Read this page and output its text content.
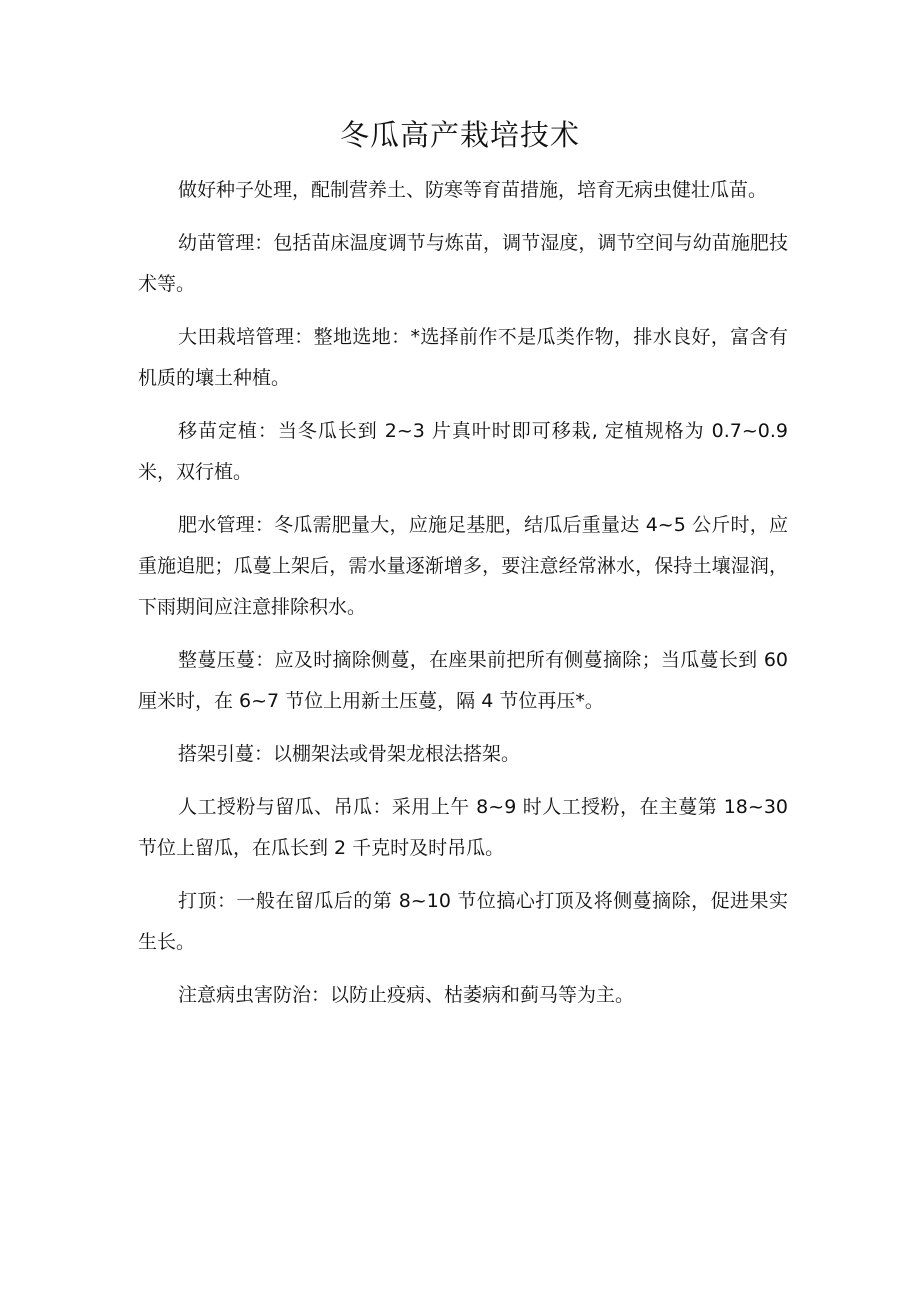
冬瓜高产栽培技术

做好种子处理，配制营养土、防寒等育苗措施，培育无病虫健壮瓜苗。

幼苗管理：包括苗床温度调节与炼苗，调节湿度，调节空间与幼苗施肥技术等。

大田栽培管理：整地选地：*选择前作不是瓜类作物，排水良好，富含有机质的壤土种植。

移苗定植：当冬瓜长到 2~3 片真叶时即可移栽, 定植规格为 0.7~0.9 米，双行植。

肥水管理：冬瓜需肥量大，应施足基肥，结瓜后重量达 4~5 公斤时，应重施追肥；瓜蔓上架后，需水量逐渐增多，要注意经常淋水，保持土壤湿润，下雨期间应注意排除积水。

整蔓压蔓：应及时摘除侧蔓，在座果前把所有侧蔓摘除；当瓜蔓长到 60 厘米时，在 6~7 节位上用新土压蔓，隔 4 节位再压*。

搭架引蔓：以棚架法或骨架龙根法搭架。

人工授粉与留瓜、吊瓜：采用上午 8~9 时人工授粉，在主蔓第 18~30 节位上留瓜，在瓜长到 2 千克时及时吊瓜。

打顶：一般在留瓜后的第 8~10 节位搞心打顶及将侧蔓摘除，促进果实生长。

注意病虫害防治：以防止疫病、枯萎病和蓟马等为主。
